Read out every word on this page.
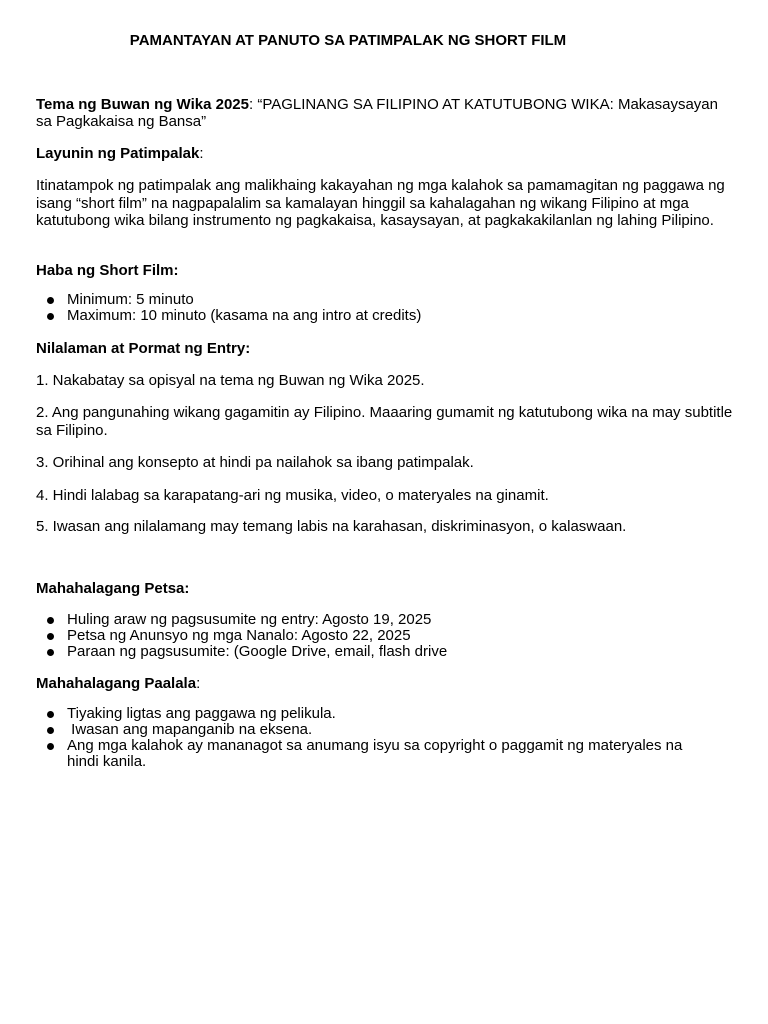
PAMANTAYAN AT PANUTO SA PATIMPALAK NG SHORT FILM

Tema ng Buwan ng Wika 2025: “PAGLINANG SA FILIPINO AT KATUTUBONG WIKA: Makasaysayan sa Pagkakaisa ng Bansa”

Layunin ng Patimpalak:

Itinatampok ng patimpalak ang malikhaing kakayahan ng mga kalahok sa pamamagitan ng paggawa ng isang “short film” na nagpapalalim sa kamalayan hinggil sa kahalagahan ng wikang Filipino at mga katutubong wika bilang instrumento ng pagkakaisa, kasaysayan, at pagkakakilanlan ng lahing Pilipino.

Haba ng Short Film:
Minimum: 5 minuto
Maximum: 10 minuto (kasama na ang intro at credits)
Nilalaman at Pormat ng Entry:
1. Nakabatay sa opisyal na tema ng Buwan ng Wika 2025.
2. Ang pangunahing wikang gagamitin ay Filipino. Maaaring gumamit ng katutubong wika na may subtitle sa Filipino.
3. Orihinal ang konsepto at hindi pa nailahok sa ibang patimpalak.
4. Hindi lalabag sa karapatang-ari ng musika, video, o materyales na ginamit.
5. Iwasan ang nilalamang may temang labis na karahasan, diskriminasyon, o kalaswaan.
Mahahalagang Petsa:
Huling araw ng pagsusumite ng entry: Agosto 19, 2025
Petsa ng Anunsyo ng mga Nanalo: Agosto 22, 2025
Paraan ng pagsusumite: (Google Drive, email, flash drive
Mahahalagang Paalala:
Tiyaking ligtas ang paggawa ng pelikula.
Iwasan ang mapanganib na eksena.
Ang mga kalahok ay mananagot sa anumang isyu sa copyright o paggamit ng materyales na hindi kanila.
